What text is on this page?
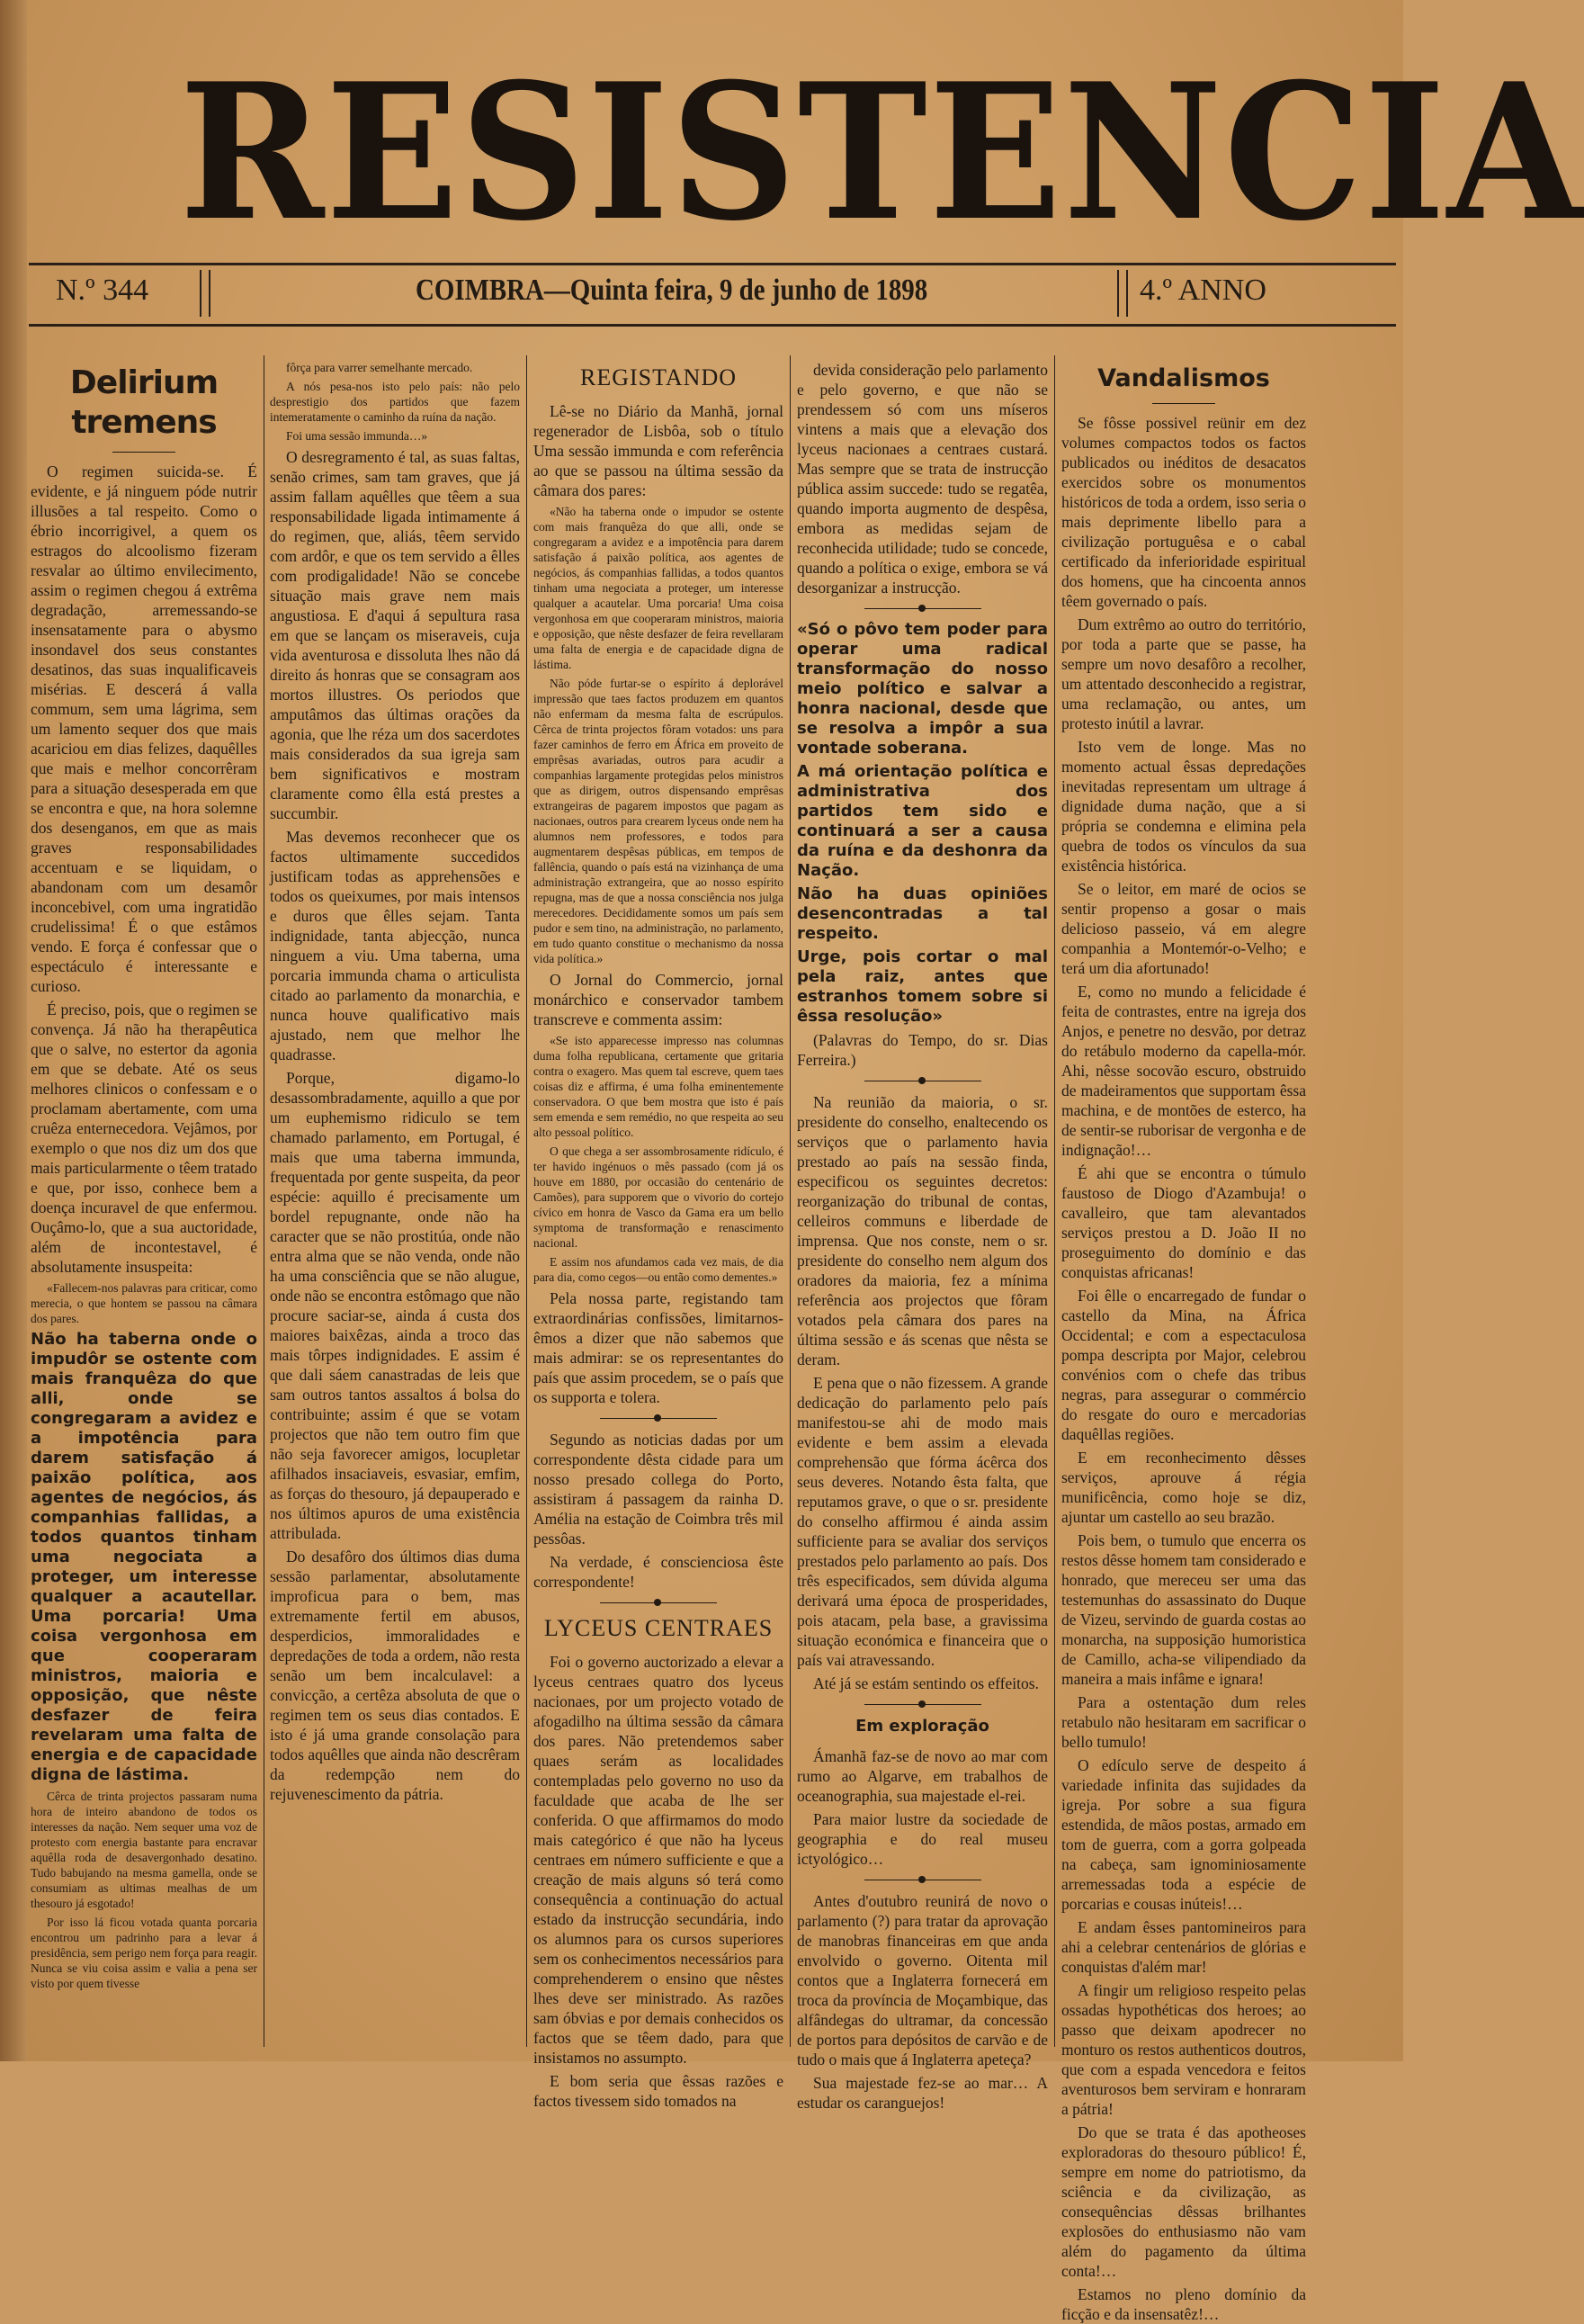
RESISTENCIA
N.º 344	COIMBRA—Quinta feira, 9 de junho de 1898	4.º ANNO
Delirium tremens

O regimen suicida-se. É evidente, e já ninguem póde nutrir illusões a tal respeito. Como o ébrio incorrigivel, a quem os estragos do alcoolismo fizeram resvalar ao último envilecimento, assim o regimen chegou á extrêma degradação, arremessando-se insensatamente para o abysmo insondavel dos seus constantes desatinos, das suas inqualificaveis misérias. E descerá á valla commum, sem uma lágrima, sem um lamento sequer dos que mais acariciou em dias felizes, daquêlles que mais e melhor concorrêram para a situação desesperada em que se encontra e que, na hora solemne dos desenganos, em que as mais graves responsabilidades accentuam e se liquidam, o abandonam com um desamôr inconcebivel, com uma ingratidão crudelissima! É o que estâmos vendo. E força é confessar que o espectáculo é interessante e curioso.

É preciso, pois, que o regimen se convença. Já não ha therapêutica que o salve, no estertor da agonia em que se debate. Até os seus melhores clinicos o confessam e o proclamam abertamente, com uma cruêza enternecedora. Vejâmos, por exemplo o que nos diz um dos que mais particularmente o têem tratado e que, por isso, conhece bem a doença incuravel de que enfermou. Ouçâmo-lo, que a sua auctoridade, além de incontestavel, é absolutamente insuspeita:

«Fallecem-nos palavras para criticar, como merecia, o que hontem se passou na câmara dos pares.

Não ha taberna onde o impudôr se ostente com mais franquêza do que alli, onde se congregaram a avidez e a impotência para darem satisfação á paixão política, aos agentes de negócios, ás companhias fallidas, a todos quantos tinham uma negociata a proteger, um interesse qualquer a acautellar. Uma porcaria! Uma coisa vergonhosa em que cooperaram ministros, maioria e opposição, que nêste desfazer de feira revelaram uma falta de energia e de capacidade digna de lástima.

Cêrca de trinta projectos passaram numa hora de inteiro abandono de todos os interesses da nação. Nem sequer uma voz de protesto com energia bastante para encravar aquêlla roda de desavergonhado desatino. Tudo babujando na mesma gamella, onde se consumiam as ultimas mealhas de um thesouro já esgotado!

Por isso lá ficou votada quanta porcaria encontrou um padrinho para a levar á presidência, sem perigo nem força para reagir. Nunca se viu coisa assim e valia a pena ser visto por quem tivesse

fôrça para varrer semelhante mercado.

A nós pesa-nos isto pelo país: não pelo desprestigio dos partidos que fazem intemeratamente o caminho da ruína da nação.

Foi uma sessão immunda…»

O desregramento é tal, as suas faltas, senão crimes, sam tam graves, que já assim fallam aquêlles que têem a sua responsabilidade ligada intimamente á do regimen, que, aliás, têem servido com ardôr, e que os tem servido a êlles com prodigalidade! Não se concebe situação mais grave nem mais angustiosa. E d'aqui á sepultura rasa em que se lançam os miseraveis, cuja vida aventurosa e dissoluta lhes não dá direito ás honras que se consagram aos mortos illustres. Os periodos que amputâmos das últimas orações da agonia, que lhe réza um dos sacerdotes mais considerados da sua igreja sam bem significativos e mostram claramente como êlla está prestes a succumbir.

Mas devemos reconhecer que os factos ultimamente succedidos justificam todas as apprehensões e todos os queixumes, por mais intensos e duros que êlles sejam. Tanta indignidade, tanta abjecção, nunca ninguem a viu. Uma taberna, uma porcaria immunda chama o articulista citado ao parlamento da monarchia, e nunca houve qualificativo mais ajustado, nem que melhor lhe quadrasse.

Porque, digamo-lo desassombradamente, aquillo a que por um euphemismo ridiculo se tem chamado parlamento, em Portugal, é mais que uma taberna immunda, frequentada por gente suspeita, da peor espécie: aquillo é precisamente um bordel repugnante, onde não ha caracter que se não prostitúa, onde não entra alma que se não venda, onde não ha uma consciência que se não alugue, onde não se encontra estômago que não procure saciar-se, ainda á custa dos maiores baixêzas, ainda a troco das mais tôrpes indignidades. E assim é que dali sáem canastradas de leis que sam outros tantos assaltos á bolsa do contribuinte; assim é que se votam projectos que não tem outro fim que não seja favorecer amigos, locupletar afilhados insaciaveis, esvasiar, emfim, as forças do thesouro, já depauperado e nos últimos apuros de uma existência attribulada.

Do desafôro dos últimos dias duma sessão parlamentar, absolutamente improficua para o bem, mas extremamente fertil em abusos, desperdicios, immoralidades e depredações de toda a ordem, não resta senão um bem incalculavel: a convicção, a certêza absoluta de que o regimen tem os seus dias contados. E isto é já uma grande consolação para todos aquêlles que ainda não descrêram da redempção nem do rejuvenescimento da pátria.

REGISTANDO

Lê-se no Diário da Manhã, jornal regenerador de Lisbôa, sob o título Uma sessão immunda e com referência ao que se passou na última sessão da câmara dos pares:

«Não ha taberna onde o impudor se ostente com mais franquêza do que alli, onde se congregaram a avidez e a impotência para darem satisfação á paixão política, aos agentes de negócios, ás companhias fallidas, a todos quantos tinham uma negociata a proteger, um interesse qualquer a acautelar. Uma porcaria! Uma coisa vergonhosa em que cooperaram ministros, maioria e opposição, que nêste desfazer de feira revellaram uma falta de energia e de capacidade digna de lástima.

Não póde furtar-se o espírito á deplorável impressão que taes factos produzem em quantos não enfermam da mesma falta de escrúpulos. Cêrca de trinta projectos fôram votados: uns para fazer caminhos de ferro em África em proveito de emprêsas avariadas, outros para acudir a companhias largamente protegidas pelos ministros que as dirigem, outros dispensando emprêsas extrangeiras de pagarem impostos que pagam as nacionaes, outros para crearem lyceus onde nem ha alumnos nem professores, e todos para augmentarem despêsas públicas, em tempos de fallência, quando o país está na vizinhança de uma administração extrangeira, que ao nosso espírito repugna, mas de que a nossa consciência nos julga merecedores. Decididamente somos um país sem pudor e sem tino, na administração, no parlamento, em tudo quanto constitue o mechanismo da nossa vida política.»

O Jornal do Commercio, jornal monárchico e conservador tambem transcreve e commenta assim:

«Se isto apparecesse impresso nas columnas duma folha republicana, certamente que gritaria contra o exagero. Mas quem tal escreve, quem taes coisas diz e affirma, é uma folha eminentemente conservadora. O que bem mostra que isto é país sem emenda e sem remédio, no que respeita ao seu alto pessoal político.

O que chega a ser assombrosamente ridículo, é ter havido ingénuos o mês passado (com já os houve em 1880, por occasião do centenário de Camões), para supporem que o vivorio do cortejo cívico em honra de Vasco da Gama era um bello symptoma de transformação e renascimento nacional.

E assim nos afundamos cada vez mais, de dia para dia, como cegos—ou então como dementes.»

Pela nossa parte, registando tam extraordinárias confissões, limitarnos-êmos a dizer que não sabemos que mais admirar: se os representantes do país que assim procedem, se o país que os supporta e tolera.

Segundo as noticias dadas por um correspondente dêsta cidade para um nosso presado collega do Porto, assistiram á passagem da rainha D. Amélia na estação de Coimbra três mil pessôas.

Na verdade, é conscienciosa êste correspondente!

LYCEUS CENTRAES

Foi o governo auctorizado a elevar a lyceus centraes quatro dos lyceus nacionaes, por um projecto votado de afogadilho na última sessão da câmara dos pares. Não pretendemos saber quaes serám as localidades contempladas pelo governo no uso da faculdade que acaba de lhe ser conferida. O que affirmamos do modo mais categórico é que não ha lyceus centraes em número sufficiente e que a creação de mais alguns só terá como consequência a continuação do actual estado da instrucção secundária, indo os alumnos para os cursos superiores sem os conhecimentos necessários para comprehenderem o ensino que nêstes lhes deve ser ministrado. As razões sam óbvias e por demais conhecidos os factos que se têem dado, para que insistamos no assumpto.

E bom seria que êssas razões e factos tivessem sido tomados na

devida consideração pelo parlamento e pelo governo, e que não se prendessem só com uns míseros vintens a mais que a elevação dos lyceus nacionaes a centraes custará. Mas sempre que se trata de instrucção pública assim succede: tudo se regatêa, quando importa augmento de despêsa, embora as medidas sejam de reconhecida utilidade; tudo se concede, quando a política o exige, embora se vá desorganizar a instrucção.

«Só o pôvo tem poder para operar uma radical transformação do nosso meio político e salvar a honra nacional, desde que se resolva a impôr a sua vontade soberana.

A má orientação política e administrativa dos partidos tem sido e continuará a ser a causa da ruína e da deshonra da Nação.

Não ha duas opiniões desencontradas a tal respeito.

Urge, pois cortar o mal pela raiz, antes que estranhos tomem sobre si êssa resolução»

(Palavras do Tempo, do sr. Dias Ferreira.)

Na reunião da maioria, o sr. presidente do conselho, enaltecendo os serviços que o parlamento havia prestado ao país na sessão finda, especificou os seguintes decretos: reorganização do tribunal de contas, celleiros communs e liberdade de imprensa. Que nos conste, nem o sr. presidente do conselho nem algum dos oradores da maioria, fez a mínima referência aos projectos que fôram votados pela câmara dos pares na última sessão e ás scenas que nêsta se deram.

E pena que o não fizessem. A grande dedicação do parlamento pelo país manifestou-se ahi de modo mais evidente e bem assim a elevada comprehensão que fórma ácêrca dos seus deveres. Notando êsta falta, que reputamos grave, o que o sr. presidente do conselho affirmou é ainda assim sufficiente para se avaliar dos serviços prestados pelo parlamento ao país. Dos três especificados, sem dúvida alguma derivará uma época de prosperidades, pois atacam, pela base, a gravissima situação económica e financeira que o país vai atravessando.

Até já se estám sentindo os effeitos.

Em exploração

Ámanhã faz-se de novo ao mar com rumo ao Algarve, em trabalhos de oceanographia, sua majestade el-rei.

Para maior lustre da sociedade de geographia e do real museu ictyológico…

Antes d'outubro reunirá de novo o parlamento (?) para tratar da aprovação de manobras financeiras em que anda envolvido o governo. Oitenta mil contos que a Inglaterra fornecerá em troca da província de Moçambique, das alfândegas do ultramar, da concessão de portos para depósitos de carvão e de tudo o mais que á Inglaterra apeteça?

Sua majestade fez-se ao mar… A estudar os caranguejos!

Vandalismos

Se fôsse possivel reünir em dez volumes compactos todos os factos publicados ou inéditos de desacatos exercidos sobre os monumentos históricos de toda a ordem, isso seria o mais deprimente libello para a civilização portuguêsa e o cabal certificado da inferioridade espiritual dos homens, que ha cincoenta annos têem governado o país.

Dum extrêmo ao outro do território, por toda a parte que se passe, ha sempre um novo desafôro a recolher, um attentado desconhecido a registrar, uma reclamação, ou antes, um protesto inútil a lavrar.

Isto vem de longe. Mas no momento actual êssas depredações inevitadas representam um ultrage á dignidade duma nação, que a si própria se condemna e elimina pela quebra de todos os vínculos da sua existência histórica.

Se o leitor, em maré de ocios se sentir propenso a gosar o mais delicioso passeio, vá em alegre companhia a Montemór-o-Velho; e terá um dia afortunado!

E, como no mundo a felicidade é feita de contrastes, entre na igreja dos Anjos, e penetre no desvão, por detraz do retábulo moderno da capella-mór. Ahi, nêsse socovão escuro, obstruido de madeiramentos que supportam êssa machina, e de montões de esterco, ha de sentir-se ruborisar de vergonha e de indignação!…

É ahi que se encontra o túmulo faustoso de Diogo d'Azambuja! o cavalleiro, que tam alevantados serviços prestou a D. João II no proseguimento do domínio e das conquistas africanas!

Foi êlle o encarregado de fundar o castello da Mina, na África Occidental; e com a espectaculosa pompa descripta por Major, celebrou convénios com o chefe das tribus negras, para assegurar o commércio do resgate do ouro e mercadorias daquêllas regiões.

E em reconhecimento dêsses serviços, aprouve á régia munificência, como hoje se diz, ajuntar um castello ao seu brazão.

Pois bem, o tumulo que encerra os restos dêsse homem tam considerado e honrado, que mereceu ser uma das testemunhas do assassinato do Duque de Vizeu, servindo de guarda costas ao monarcha, na supposição humoristica de Camillo, acha-se vilipendiado da maneira a mais infâme e ignara!

Para a ostentação dum reles retabulo não hesitaram em sacrificar o bello tumulo!

O edículo serve de despeito á variedade infinita das sujidades da igreja. Por sobre a sua figura estendida, de mãos postas, armado em tom de guerra, com a gorra golpeada na cabeça, sam ignominiosamente arremessadas toda a espécie de porcarias e cousas inúteis!…

E andam êsses pantomineiros para ahi a celebrar centenários de glórias e conquistas d'além mar!

A fingir um religioso respeito pelas ossadas hypothéticas dos heroes; ao passo que deixam apodrecer no monturo os restos authenticos doutros, que com a espada vencedora e feitos aventurosos bem serviram e honraram a pátria!

Do que se trata é das apotheoses exploradoras do thesouro público! É, sempre em nome do patriotismo, da sciência e da civilização, as consequências dêssas brilhantes explosões do enthusiasmo não vam além do pagamento da última conta!…

Estamos no pleno domínio da ficção e da insensatêz!…
